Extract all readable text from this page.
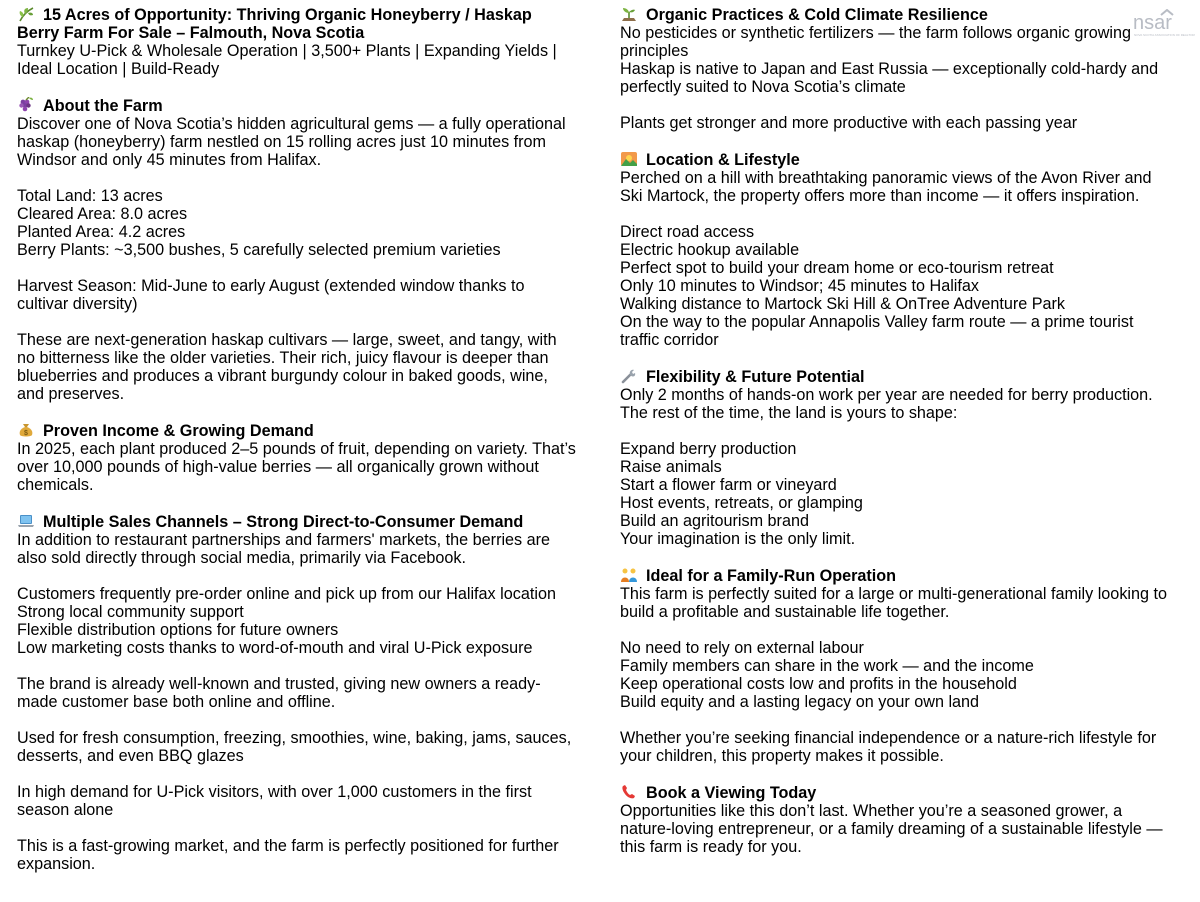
nsar
NOVA SCOTIA ASSOCIATION OF REALTORS
15 Acres of Opportunity: Thriving Organic Honeyberry / Haskap Berry Farm For Sale – Falmouth, Nova Scotia

Turnkey U-Pick & Wholesale Operation | 3,500+ Plants | Expanding Yields | Ideal Location | Build-Ready

About the Farm

Discover one of Nova Scotia’s hidden agricultural gems — a fully operational haskap (honeyberry) farm nestled on 15 rolling acres just 10 minutes from Windsor and only 45 minutes from Halifax.

Total Land: 13 acres
Cleared Area: 8.0 acres
Planted Area: 4.2 acres
Berry Plants: ~3,500 bushes, 5 carefully selected premium varieties

Harvest Season: Mid-June to early August (extended window thanks to cultivar diversity)

These are next-generation haskap cultivars — large, sweet, and tangy, with no bitterness like the older varieties. Their rich, juicy flavour is deeper than blueberries and produces a vibrant burgundy colour in baked goods, wine, and preserves.

$ Proven Income & Growing Demand

In 2025, each plant produced 2–5 pounds of fruit, depending on variety. That’s over 10,000 pounds of high-value berries — all organically grown without chemicals.

Multiple Sales Channels – Strong Direct-to-Consumer Demand

In addition to restaurant partnerships and farmers' markets, the berries are also sold directly through social media, primarily via Facebook.

Customers frequently pre-order online and pick up from our Halifax location
Strong local community support
Flexible distribution options for future owners
Low marketing costs thanks to word-of-mouth and viral U-Pick exposure

The brand is already well-known and trusted, giving new owners a ready-made customer base both online and offline.

Used for fresh consumption, freezing, smoothies, wine, baking, jams, sauces, desserts, and even BBQ glazes

In high demand for U-Pick visitors, with over 1,000 customers in the first season alone

This is a fast-growing market, and the farm is perfectly positioned for further expansion.

Organic Practices & Cold Climate Resilience

No pesticides or synthetic fertilizers — the farm follows organic growing principles

Haskap is native to Japan and East Russia — exceptionally cold-hardy and perfectly suited to Nova Scotia’s climate

Plants get stronger and more productive with each passing year

Location & Lifestyle

Perched on a hill with breathtaking panoramic views of the Avon River and Ski Martock, the property offers more than income — it offers inspiration.

Direct road access
Electric hookup available
Perfect spot to build your dream home or eco-tourism retreat
Only 10 minutes to Windsor; 45 minutes to Halifax
Walking distance to Martock Ski Hill & OnTree Adventure Park
On the way to the popular Annapolis Valley farm route — a prime tourist traffic corridor
Flexibility & Future Potential

Only 2 months of hands-on work per year are needed for berry production. The rest of the time, the land is yours to shape:

Expand berry production
Raise animals
Start a flower farm or vineyard
Host events, retreats, or glamping
Build an agritourism brand
Your imagination is the only limit.
Ideal for a Family-Run Operation

This farm is perfectly suited for a large or multi-generational family looking to build a profitable and sustainable life together.

No need to rely on external labour
Family members can share in the work — and the income
Keep operational costs low and profits in the household
Build equity and a lasting legacy on your own land

Whether you’re seeking financial independence or a nature-rich lifestyle for your children, this property makes it possible.

Book a Viewing Today

Opportunities like this don’t last. Whether you’re a seasoned grower, a nature-loving entrepreneur, or a family dreaming of a sustainable lifestyle — this farm is ready for you.
